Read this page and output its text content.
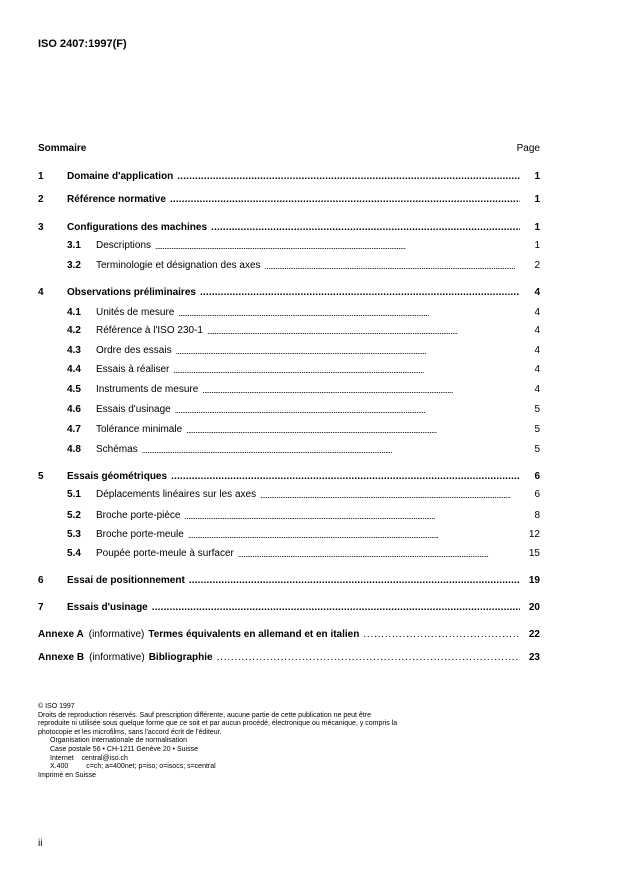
ISO 2407:1997(F)
Sommaire	Page
1 Domaine d'application . . .	1
2 Référence normative . . .	1
3 Configurations des machines . . .	1
3.1 Descriptions . . .	1
3.2 Terminologie et désignation des axes . . .	2
4 Observations préliminaires . . .	4
4.1 Unités de mesure . . .	4
4.2 Référence à l'ISO 230-1 . . .	4
4.3 Ordre des essais . . .	4
4.4 Essais à réaliser . . .	4
4.5 Instruments de mesure . . .	4
4.6 Essais d'usinage . . .	5
4.7 Tolérance minimale . . .	5
4.8 Schémas . . .	5
5 Essais géométriques . . .	6
5.1 Déplacements linéaires sur les axes . . .	6
5.2 Broche porte-pièce . . .	8
5.3 Broche porte-meule . . .	12
5.4 Poupée porte-meule à surfacer . . .	15
6 Essai de positionnement . . .	19
7 Essais d'usinage . . .	20
Annexe A (informative) Termes équivalents en allemand et en italien . . .	22
Annexe B (informative) Bibliographie . . .	23

© ISO 1997

Droits de reproduction réservés. Sauf prescription différente, aucune partie de cette publication ne peut être reproduite ni utilisée sous quelque forme que ce soit et par aucun procédé, électronique ou mécanique, y compris la photocopie et les microfilms, sans l'accord écrit de l'éditeur.

Organisation internationale de normalisation

Case postale 56 • CH-1211 Genève 20 • Suisse

Internet central@iso.ch

X.400	c=ch; a=400net; p=iso; o=isocs; s=central

Imprimé en Suisse

ii
